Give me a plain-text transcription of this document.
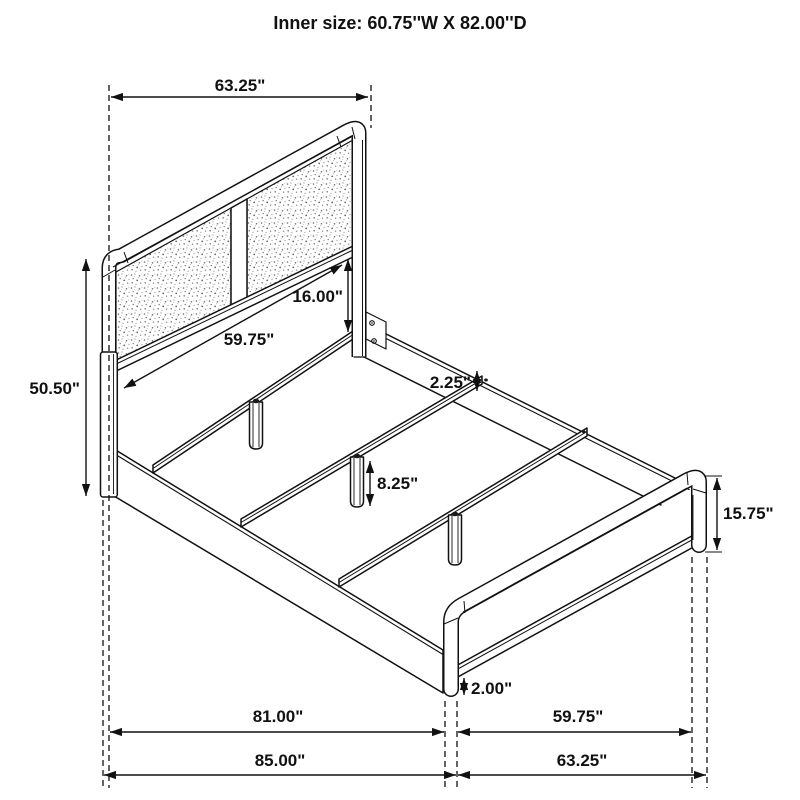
63.25"
50.50"
59.75"
16.00"
2.25"
8.25"
15.75"
2.00"
81.00"	59.75"
85.00"	63.25"
Inner size: 60.75''W X 82.00''D
